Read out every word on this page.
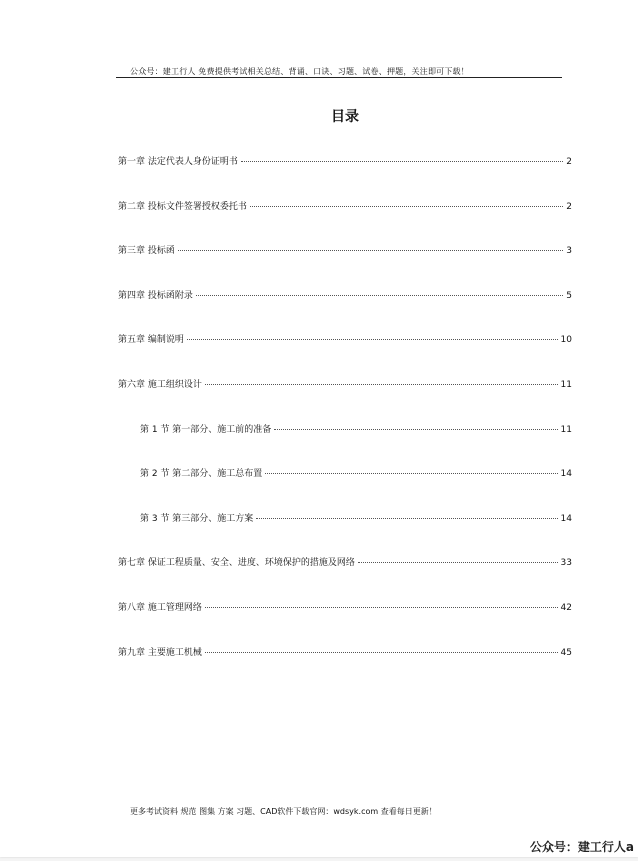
公众号：建工行人 免费提供考试相关总结、背诵、口诀、习题、试卷、押题，关注即可下载！
目录
第一章 法定代表人身份证明书	2
第二章 投标文件签署授权委托书	2
第三章 投标函	3
第四章 投标函附录	5
第五章 编制说明	10
第六章 施工组织设计	11
第 1 节 第一部分、施工前的准备	11
第 2 节 第二部分、施工总布置	14
第 3 节 第三部分、施工方案	14
第七章 保证工程质量、安全、进度、环境保护的措施及网络	33
第八章 施工管理网络	42
第九章 主要施工机械	45
更多考试资料 规范 图集 方案 习题、CAD软件下载官网：wdsyk.com 查看每日更新！
公众号：建工行人a
